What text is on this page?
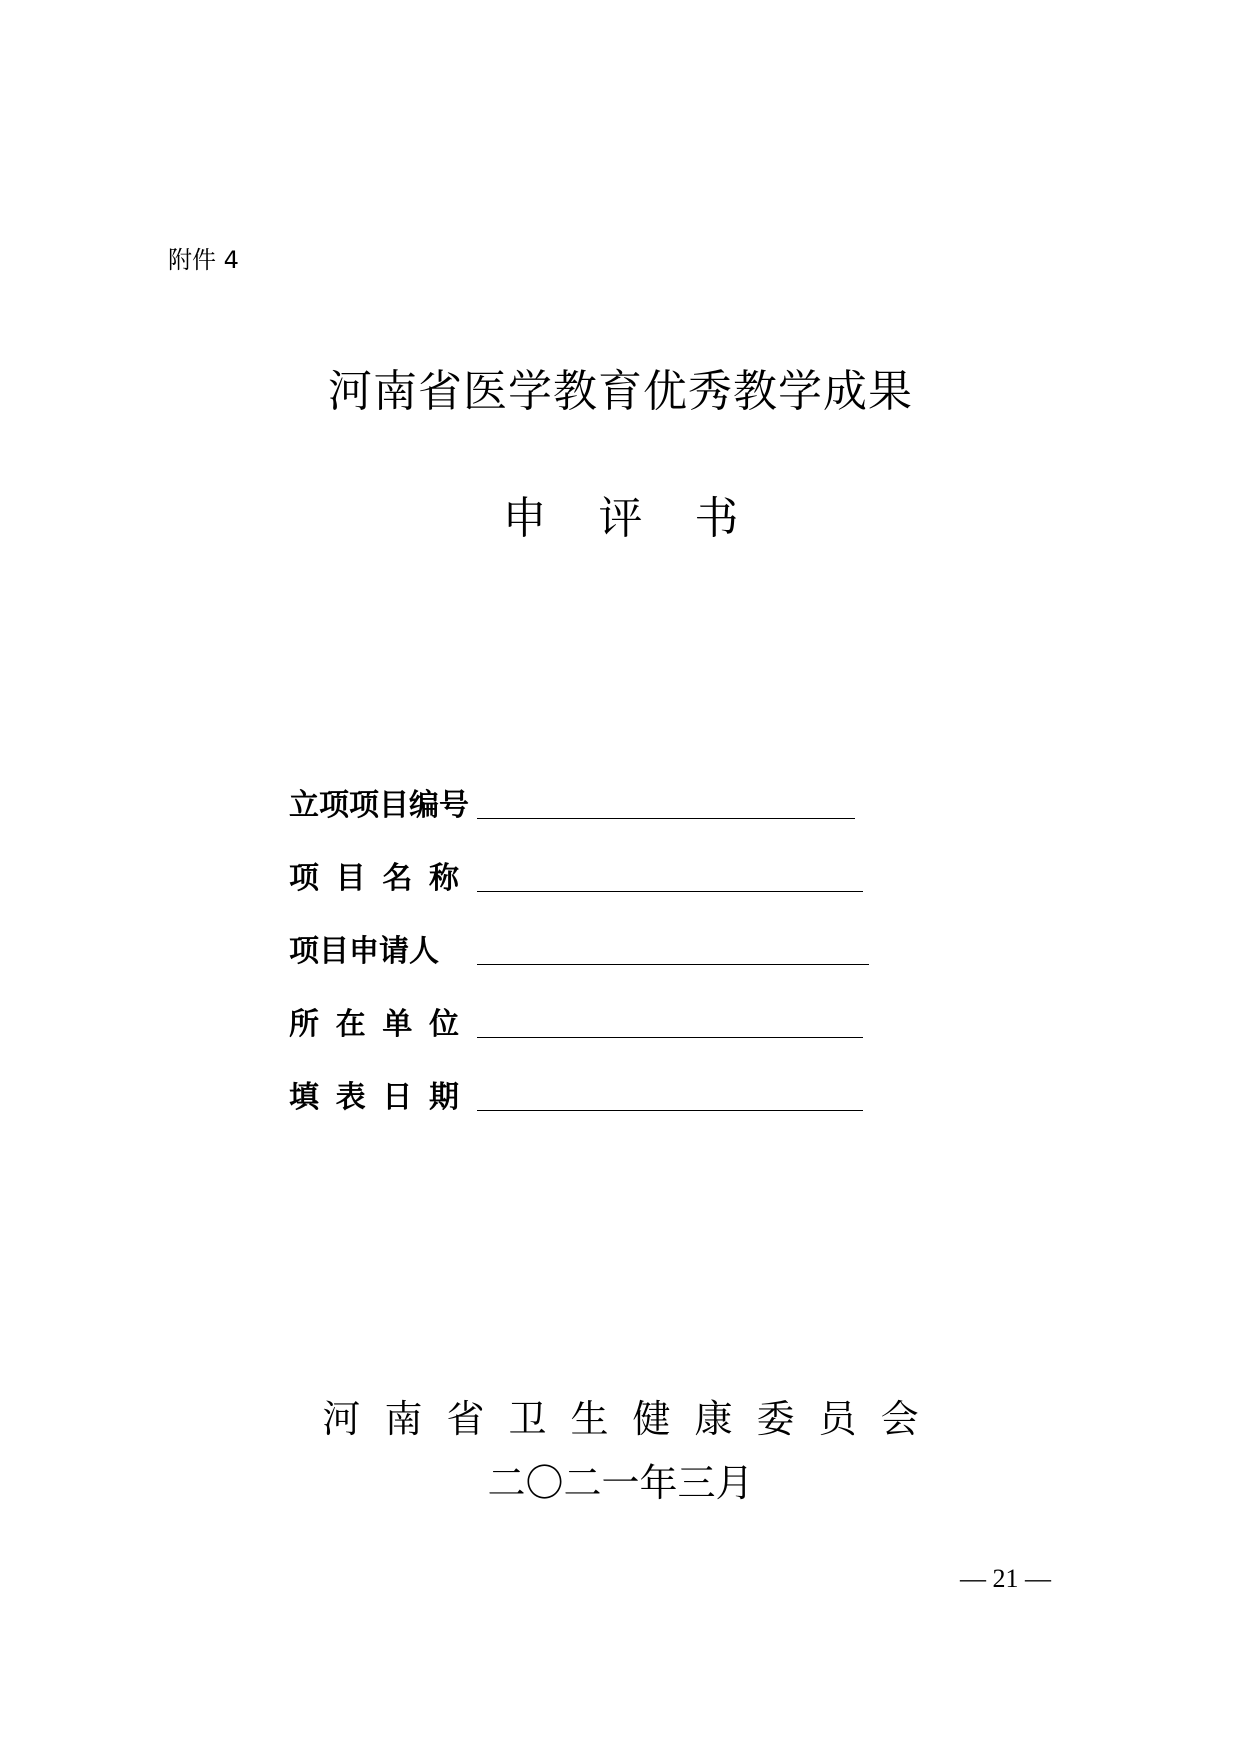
附件 4
河南省医学教育优秀教学成果
申 评 书
立项项目编号
项 目 名 称
项目申请人
所 在 单 位
填 表 日 期
河 南 省 卫 生 健 康 委 员 会
二〇二一年三月
— 21 —
